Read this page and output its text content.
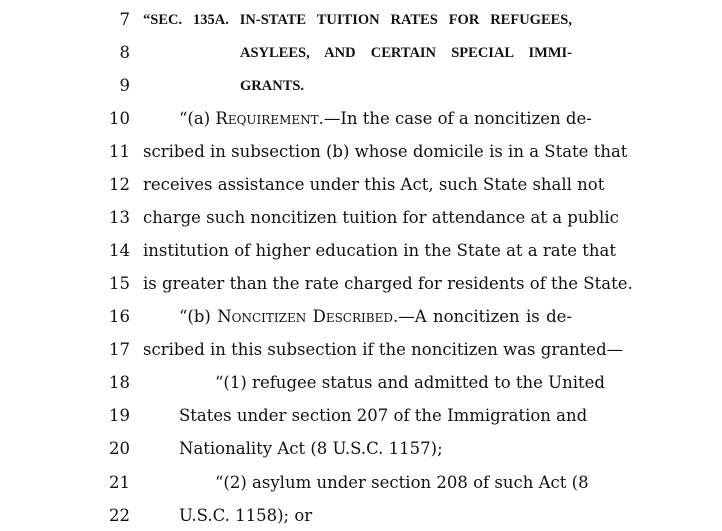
7 “SEC. 135A. IN-STATE TUITION RATES FOR REFUGEES,
8	ASYLEES, AND CERTAIN SPECIAL IMMI-
9	GRANTS.
10	“(a) Requirement.—In the case of a noncitizen de-
11 scribed in subsection (b) whose domicile is in a State that
12 receives assistance under this Act, such State shall not
13 charge such noncitizen tuition for attendance at a public
14 institution of higher education in the State at a rate that
15 is greater than the rate charged for residents of the State.
16	“(b) Noncitizen Described.—A noncitizen is de-
17 scribed in this subsection if the noncitizen was granted—
18	“(1) refugee status and admitted to the United
19	States under section 207 of the Immigration and
20	Nationality Act (8 U.S.C. 1157);
21	“(2) asylum under section 208 of such Act (8
22	U.S.C. 1158); or
